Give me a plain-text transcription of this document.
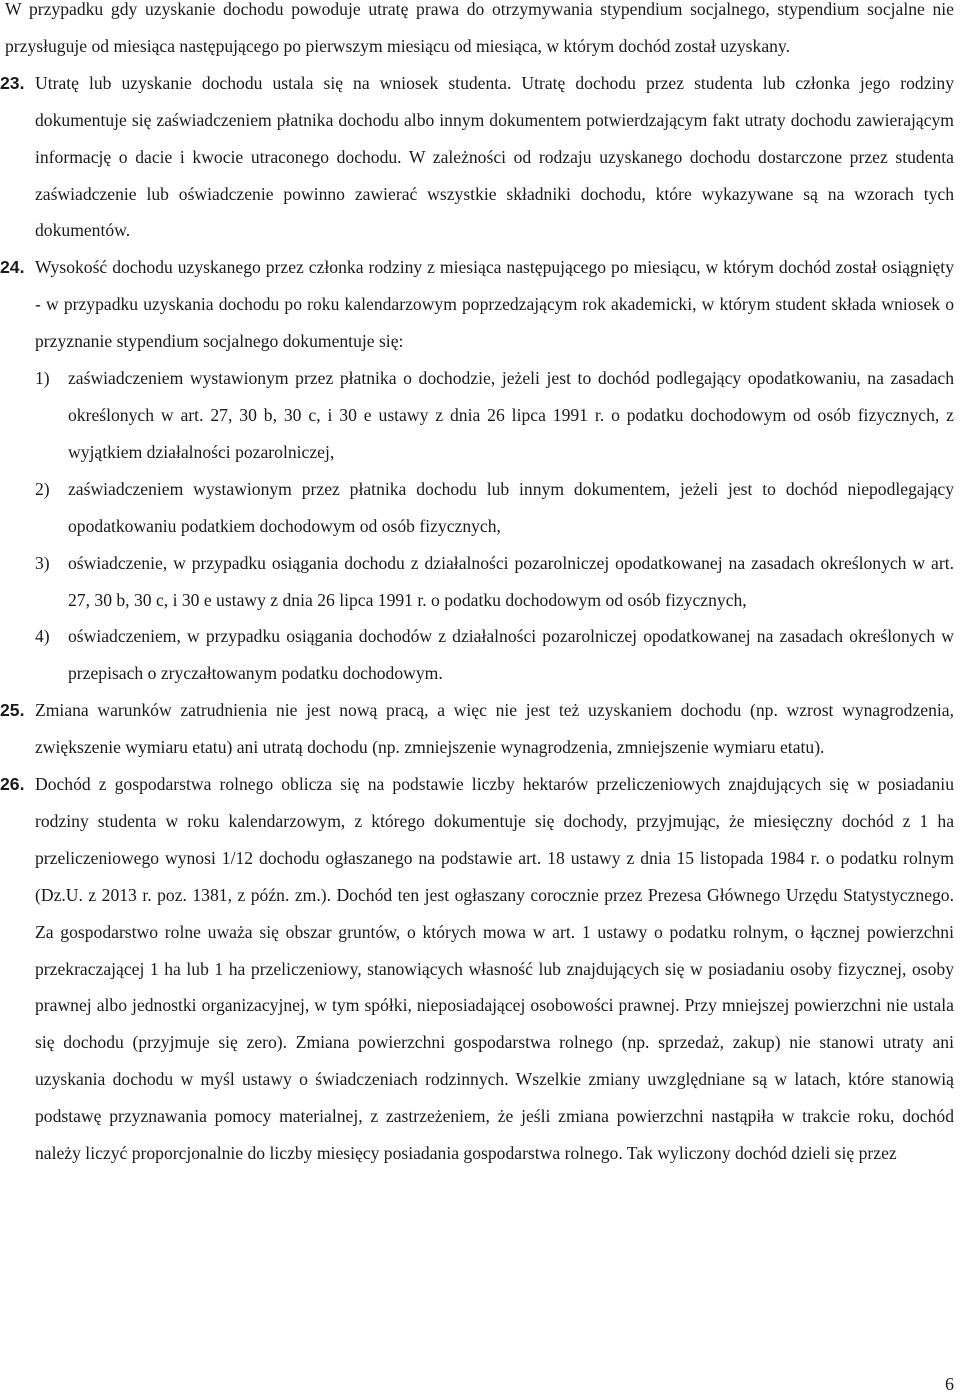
W przypadku gdy uzyskanie dochodu powoduje utratę prawa do otrzymywania stypendium socjalnego, stypendium socjalne nie przysługuje od miesiąca następującego po pierwszym miesiącu od miesiąca, w którym dochód został uzyskany.

23. Utratę lub uzyskanie dochodu ustala się na wniosek studenta. Utratę dochodu przez studenta lub członka jego rodziny dokumentuje się zaświadczeniem płatnika dochodu albo innym dokumentem potwierdzającym fakt utraty dochodu zawierającym informację o dacie i kwocie utraconego dochodu. W zależności od rodzaju uzyskanego dochodu dostarczone przez studenta zaświadczenie lub oświadczenie powinno zawierać wszystkie składniki dochodu, które wykazywane są na wzorach tych dokumentów.

24. Wysokość dochodu uzyskanego przez członka rodziny z miesiąca następującego po miesiącu, w którym dochód został osiągnięty - w przypadku uzyskania dochodu po roku kalendarzowym poprzedzającym rok akademicki, w którym student składa wniosek o przyznanie stypendium socjalnego dokumentuje się:

1) zaświadczeniem wystawionym przez płatnika o dochodzie, jeżeli jest to dochód podlegający opodatkowaniu, na zasadach określonych w art. 27, 30 b, 30 c, i 30 e ustawy z dnia 26 lipca 1991 r. o podatku dochodowym od osób fizycznych, z wyjątkiem działalności pozarolniczej,

2) zaświadczeniem wystawionym przez płatnika dochodu lub innym dokumentem, jeżeli jest to dochód niepodlegający opodatkowaniu podatkiem dochodowym od osób fizycznych,

3) oświadczenie, w przypadku osiągania dochodu z działalności pozarolniczej opodatkowanej na zasadach określonych w art. 27, 30 b, 30 c, i 30 e ustawy z dnia 26 lipca 1991 r. o podatku dochodowym od osób fizycznych,

4) oświadczeniem, w przypadku osiągania dochodów z działalności pozarolniczej opodatkowanej na zasadach określonych w przepisach o zryczałtowanym podatku dochodowym.

25. Zmiana warunków zatrudnienia nie jest nową pracą, a więc nie jest też uzyskaniem dochodu (np. wzrost wynagrodzenia, zwiększenie wymiaru etatu) ani utratą dochodu (np. zmniejszenie wynagrodzenia, zmniejszenie wymiaru etatu).

26. Dochód z gospodarstwa rolnego oblicza się na podstawie liczby hektarów przeliczeniowych znajdujących się w posiadaniu rodziny studenta w roku kalendarzowym, z którego dokumentuje się dochody, przyjmując, że miesięczny dochód z 1 ha przeliczeniowego wynosi 1/12 dochodu ogłaszanego na podstawie art. 18 ustawy z dnia 15 listopada 1984 r. o podatku rolnym (Dz.U. z 2013 r. poz. 1381, z późn. zm.). Dochód ten jest ogłaszany corocznie przez Prezesa Głównego Urzędu Statystycznego. Za gospodarstwo rolne uważa się obszar gruntów, o których mowa w art. 1 ustawy o podatku rolnym, o łącznej powierzchni przekraczającej 1 ha lub 1 ha przeliczeniowy, stanowiących własność lub znajdujących się w posiadaniu osoby fizycznej, osoby prawnej albo jednostki organizacyjnej, w tym spółki, nieposiadającej osobowości prawnej. Przy mniejszej powierzchni nie ustala się dochodu (przyjmuje się zero). Zmiana powierzchni gospodarstwa rolnego (np. sprzedaż, zakup) nie stanowi utraty ani uzyskania dochodu w myśl ustawy o świadczeniach rodzinnych. Wszelkie zmiany uwzględniane są w latach, które stanowią podstawę przyznawania pomocy materialnej, z zastrzeżeniem, że jeśli zmiana powierzchni nastąpiła w trakcie roku, dochód należy liczyć proporcjonalnie do liczby miesięcy posiadania gospodarstwa rolnego. Tak wyliczony dochód dzieli się przez

6
